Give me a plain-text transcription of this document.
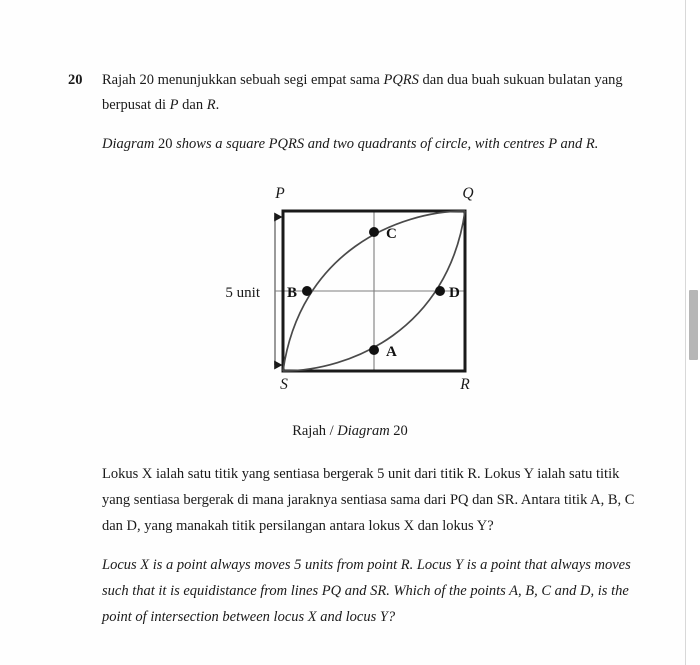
20	Rajah 20 menunjukkan sebuah segi empat sama PQRS dan dua buah sukuan bulatan yang berpusat di P dan R.

Diagram 20 shows a square PQRS and two quadrants of circle, with centres P and R.

P	Q
S	R
C
A
B	D
5 unit
Rajah / Diagram 20

Lokus X ialah satu titik yang sentiasa bergerak 5 unit dari titik R. Lokus Y ialah satu titik yang sentiasa bergerak di mana jaraknya sentiasa sama dari PQ dan SR. Antara titik A, B, C dan D, yang manakah titik persilangan antara lokus X dan lokus Y?

Locus X is a point always moves 5 units from point R. Locus Y is a point that always moves such that it is equidistance from lines PQ and SR. Which of the points A, B, C and D, is the point of intersection between locus X and locus Y?
